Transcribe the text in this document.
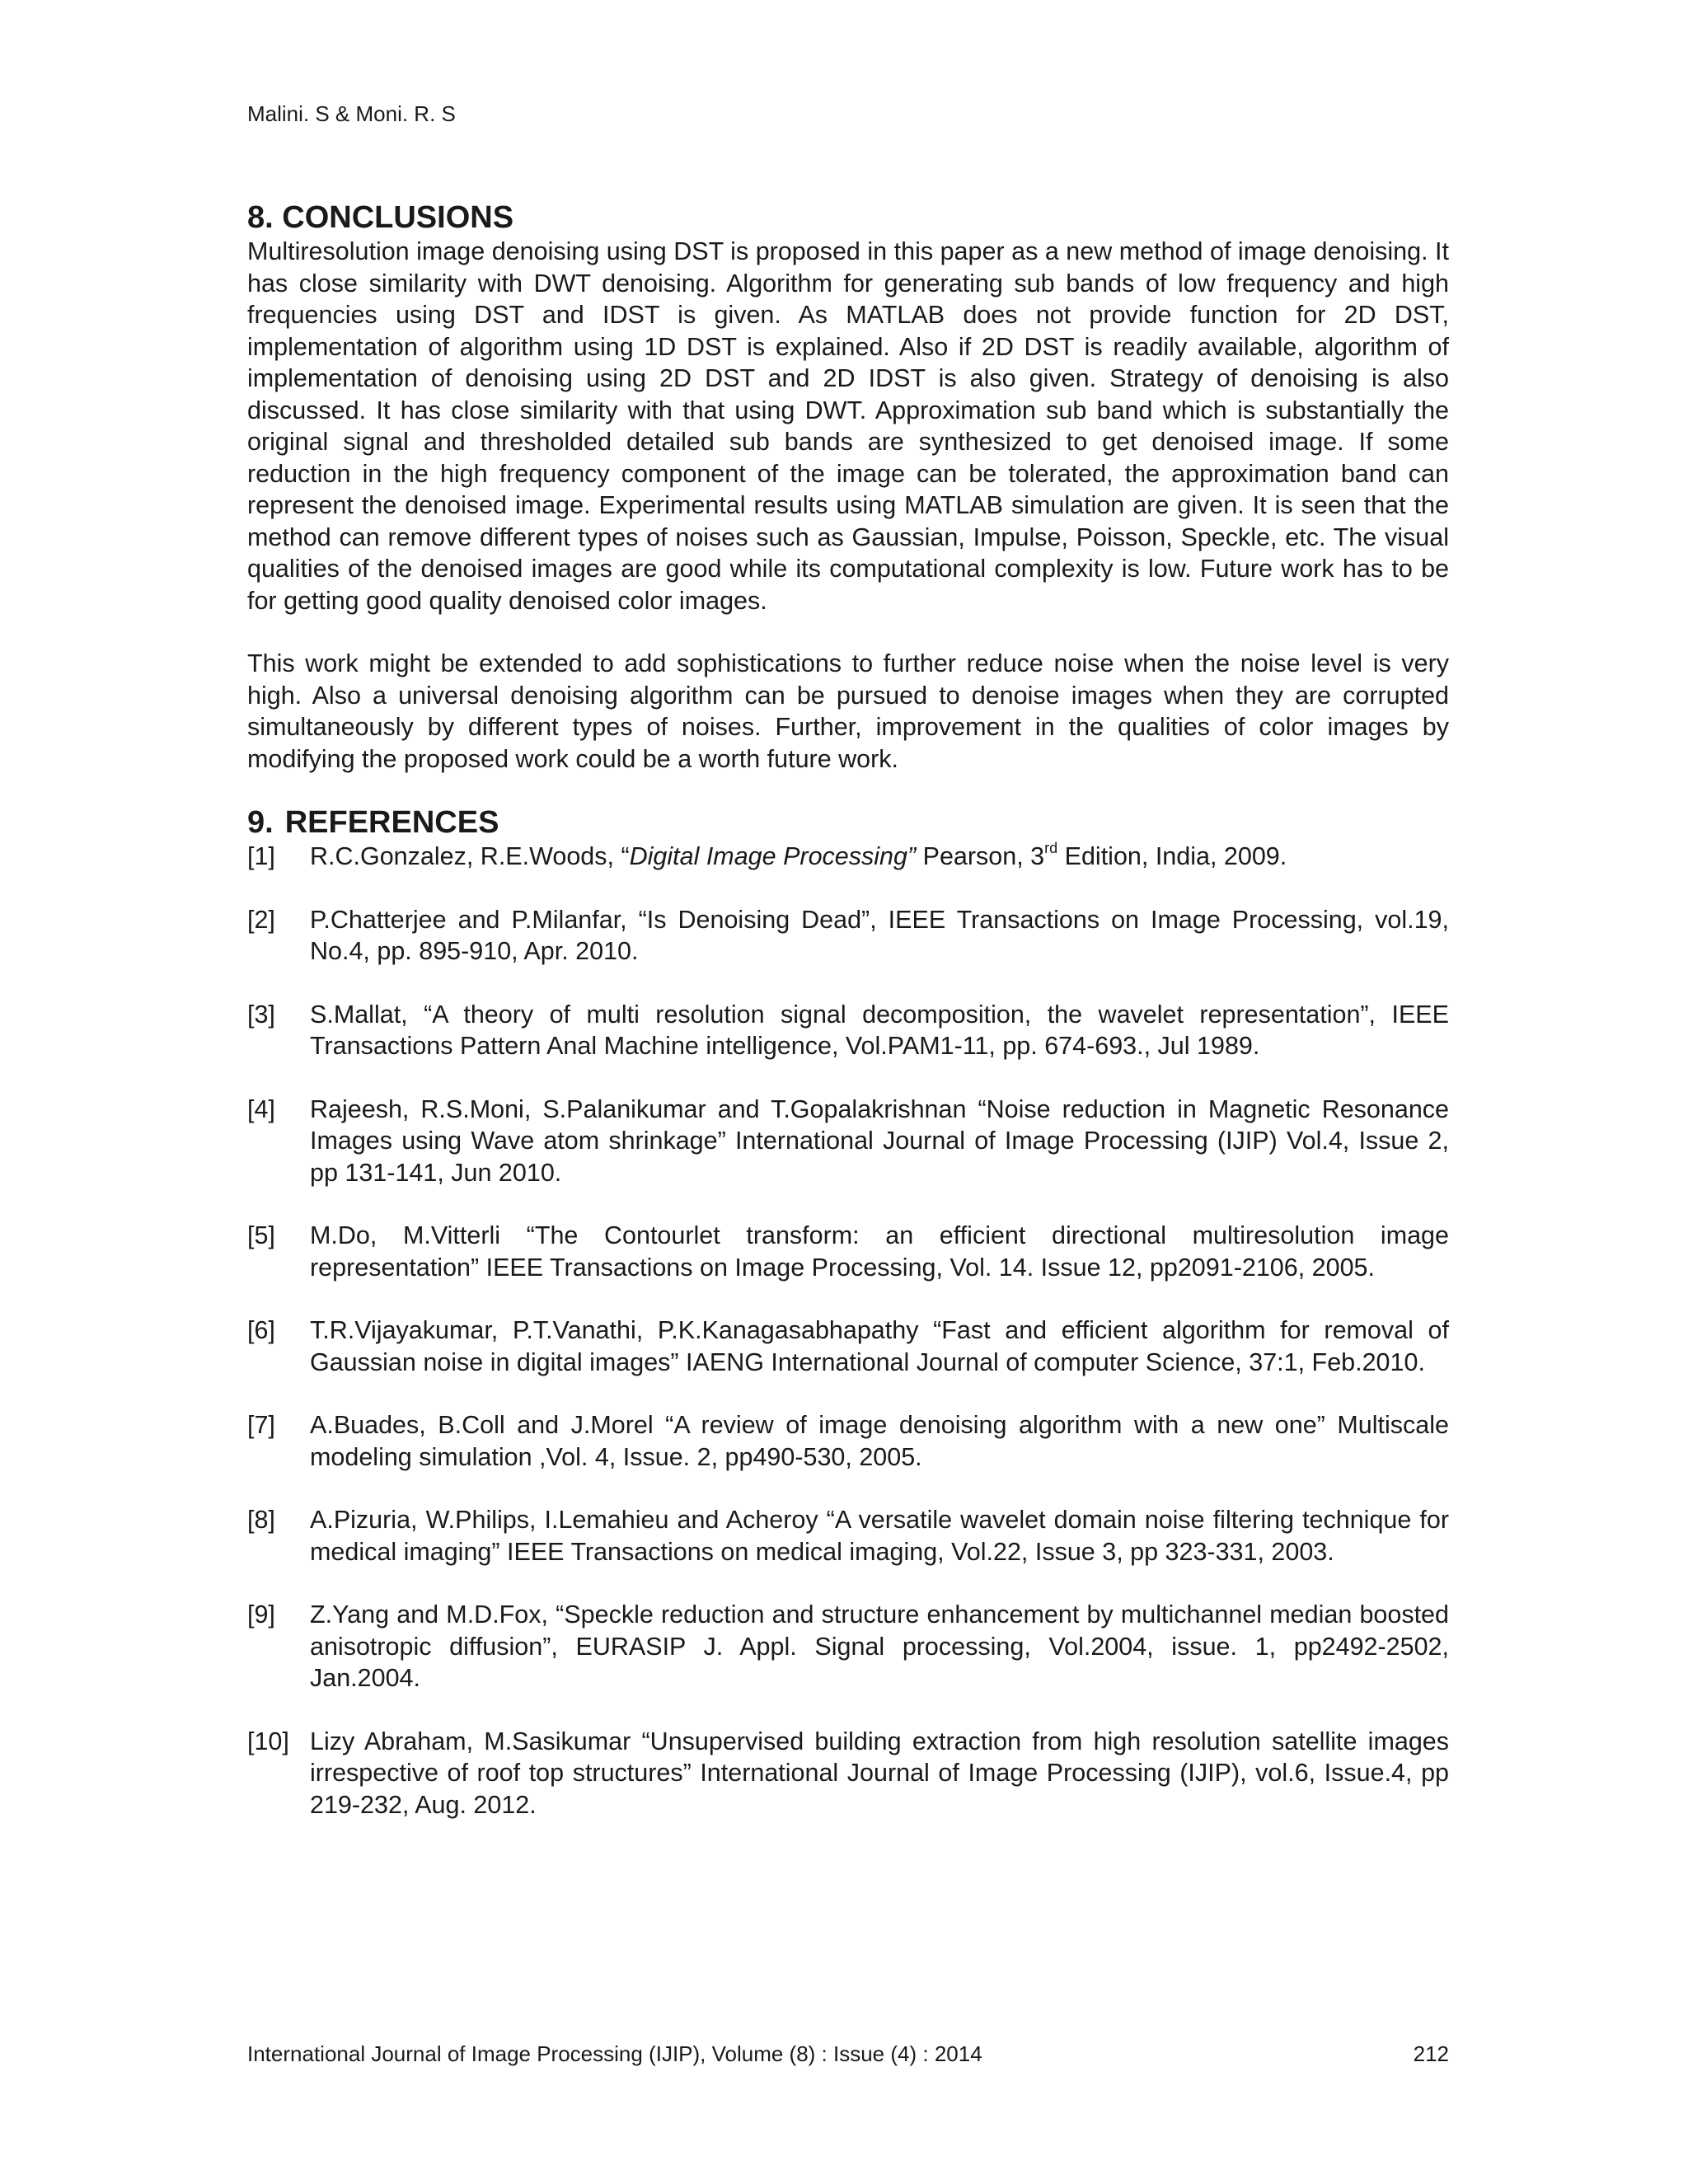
Malini. S & Moni. R. S
8. CONCLUSIONS

Multiresolution image denoising using DST is proposed in this paper as a new method of image denoising. It has close similarity with DWT denoising. Algorithm for generating sub bands of low frequency and high frequencies using DST and IDST is given. As MATLAB does not provide function for 2D DST, implementation of algorithm using 1D DST is explained. Also if 2D DST is readily available, algorithm of implementation of denoising using 2D DST and 2D IDST is also given. Strategy of denoising is also discussed. It has close similarity with that using DWT. Approximation sub band which is substantially the original signal and thresholded detailed sub bands are synthesized to get denoised image. If some reduction in the high frequency component of the image can be tolerated, the approximation band can represent the denoised image. Experimental results using MATLAB simulation are given. It is seen that the method can remove different types of noises such as Gaussian, Impulse, Poisson, Speckle, etc. The visual qualities of the denoised images are good while its computational complexity is low. Future work has to be for getting good quality denoised color images.

This work might be extended to add sophistications to further reduce noise when the noise level is very high. Also a universal denoising algorithm can be pursued to denoise images when they are corrupted simultaneously by different types of noises. Further, improvement in the qualities of color images by modifying the proposed work could be a worth future work.

9. REFERENCES
[1]	R.C.Gonzalez, R.E.Woods, “Digital Image Processing” Pearson, 3rd Edition, India, 2009.
[2]	P.Chatterjee and P.Milanfar, “Is Denoising Dead”, IEEE Transactions on Image Processing, vol.19, No.4, pp. 895-910, Apr. 2010.
[3]	S.Mallat, “A theory of multi resolution signal decomposition, the wavelet representation”, IEEE Transactions Pattern Anal Machine intelligence, Vol.PAM1-11, pp. 674-693., Jul 1989.
[4]	Rajeesh, R.S.Moni, S.Palanikumar and T.Gopalakrishnan “Noise reduction in Magnetic Resonance Images using Wave atom shrinkage” International Journal of Image Processing (IJIP) Vol.4, Issue 2, pp 131-141, Jun 2010.
[5]	M.Do, M.Vitterli “The Contourlet transform: an efficient directional multiresolution image representation” IEEE Transactions on Image Processing, Vol. 14. Issue 12, pp2091-2106, 2005.
[6]	T.R.Vijayakumar, P.T.Vanathi, P.K.Kanagasabhapathy “Fast and efficient algorithm for removal of Gaussian noise in digital images” IAENG International Journal of computer Science, 37:1, Feb.2010.
[7]	A.Buades, B.Coll and J.Morel “A review of image denoising algorithm with a new one” Multiscale modeling simulation ,Vol. 4, Issue. 2, pp490-530, 2005.
[8]	A.Pizuria, W.Philips, I.Lemahieu and Acheroy “A versatile wavelet domain noise filtering technique for medical imaging” IEEE Transactions on medical imaging, Vol.22, Issue 3, pp 323-331, 2003.
[9]	Z.Yang and M.D.Fox, “Speckle reduction and structure enhancement by multichannel median boosted anisotropic diffusion”, EURASIP J. Appl. Signal processing, Vol.2004, issue. 1, pp2492-2502, Jan.2004.
[10] Lizy Abraham, M.Sasikumar “Unsupervised building extraction from high resolution satellite images irrespective of roof top structures” International Journal of Image Processing (IJIP), vol.6, Issue.4, pp 219-232, Aug. 2012.
International Journal of Image Processing (IJIP), Volume (8) : Issue (4) : 2014	212
